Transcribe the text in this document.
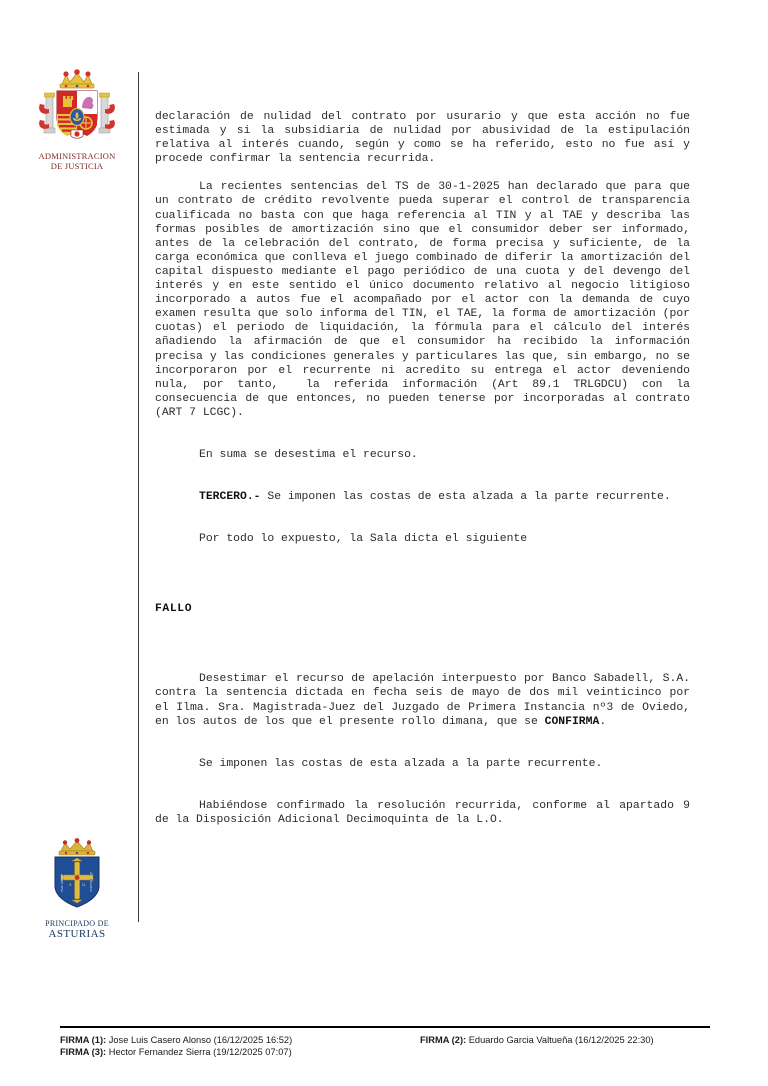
ADMINISTRACION
DE JUSTICIA
A Ω
HOC SIGNO	TVETVR PIVS
PRINCIPADO DE
ASTURIAS

declaración de nulidad del contrato por usurario y que esta acción no fue estimada y si la subsidiaria de nulidad por abusividad de la estipulación relativa al interés cuando, según y como se ha referido, esto no fue así y procede confirmar la sentencia recurrida.

La recientes sentencias del TS de 30-1-2025 han declarado que para que un contrato de crédito revolvente pueda superar el control de transparencia cualificada no basta con que haga referencia al TIN y al TAE y describa las formas posibles de amortización sino que el consumidor deber ser informado, antes de la celebración del contrato, de forma precisa y suficiente, de la carga económica que conlleva el juego combinado de diferir la amortización del capital dispuesto mediante el pago periódico de una cuota y del devengo del interés y en este sentido el único documento relativo al negocio litigioso incorporado a autos fue el acompañado por el actor con la demanda de cuyo examen resulta que solo informa del TIN, el TAE, la forma de amortización (por cuotas) el periodo de liquidación, la fórmula para el cálculo del interés añadiendo la afirmación de que el consumidor ha recibido la información precisa y las condiciones generales y particulares las que, sin embargo, no se  incorporaron por el recurrente ni acredito su entrega el actor deveniendo nula, por tanto,  la referida información (Art 89.1 TRLGDCU) con la consecuencia de que entonces, no pueden tenerse por incorporadas al contrato (ART 7 LCGC).

En suma se desestima el recurso.

TERCERO.- Se imponen las costas de esta alzada a la parte recurrente.

Por todo lo expuesto, la Sala dicta el siguiente

FALLO

Desestimar el recurso de apelación interpuesto por Banco Sabadell, S.A. contra la sentencia dictada en fecha seis de mayo de dos mil veinticinco por el Ilma. Sra. Magistrada-Juez del Juzgado de Primera Instancia nº3 de Oviedo, en los autos de los que el presente rollo dimana, que se CONFIRMA.

Se imponen las costas de esta alzada a la parte recurrente.

Habiéndose confirmado la resolución recurrida, conforme al apartado 9 de la Disposición Adicional Decimoquinta de la L.O.

FIRMA (1): Jose Luis Casero Alonso (16/12/2025 16:52)	FIRMA (2): Eduardo Garcia Valtueña (16/12/2025 22:30)
FIRMA (3): Hector Fernandez Sierra (19/12/2025 07:07)
